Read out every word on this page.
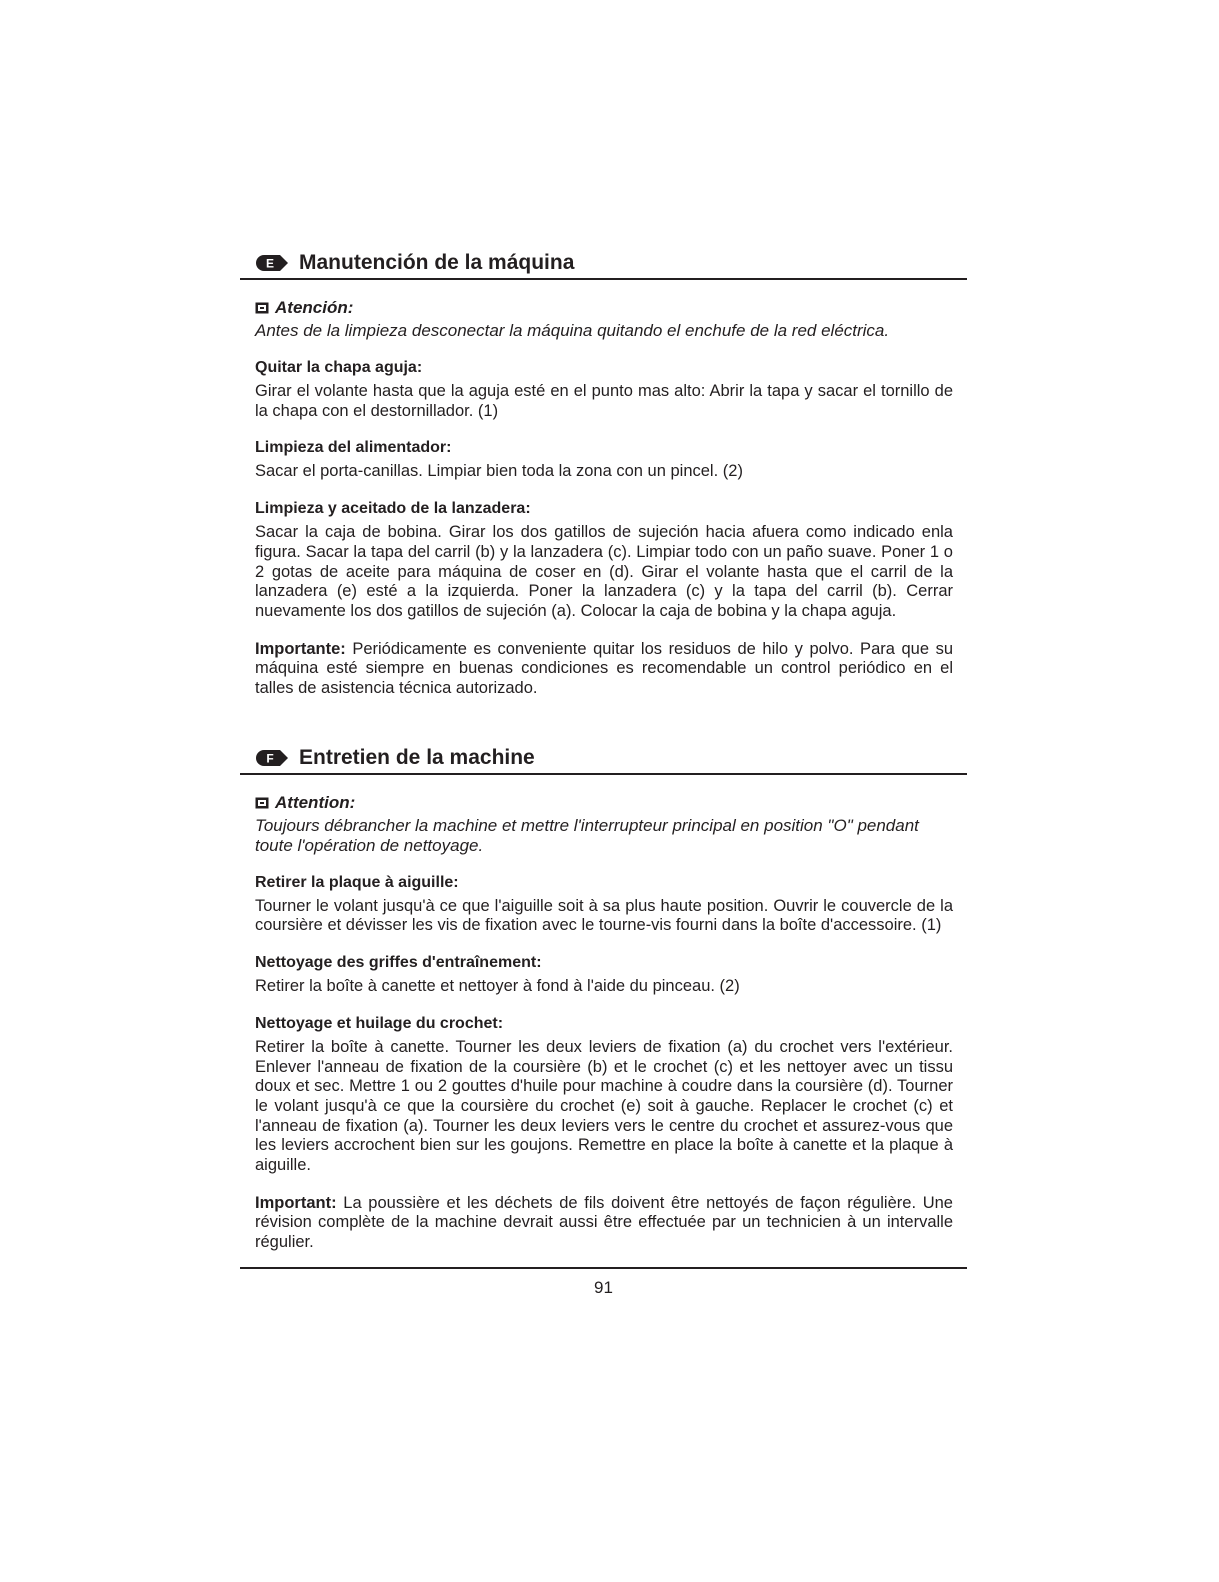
E Manutención de la máquina
Atención:
Antes de la limpieza desconectar la máquina quitando el enchufe de la red eléctrica.
Quitar la chapa aguja:

Girar el volante hasta que la aguja esté en el punto mas alto: Abrir la tapa y sacar el tornillo de la chapa con el destornillador. (1)

Limpieza del alimentador:

Sacar el porta-canillas. Limpiar bien toda la zona con un pincel. (2)

Limpieza y aceitado de la lanzadera:

Sacar la caja de bobina. Girar los dos gatillos de sujeción hacia afuera como indicado enla figura. Sacar la tapa del carril (b) y la lanzadera (c). Limpiar todo con un paño suave. Poner 1 o 2 gotas de aceite para máquina de coser en (d). Girar el volante hasta que el carril de la lanzadera (e) esté a la izquierda. Poner la lanzadera (c) y la tapa del carril (b). Cerrar nuevamente los dos gatillos de sujeción (a). Colocar la caja de bobina y la chapa aguja.

Importante: Periódicamente es conveniente quitar los residuos de hilo y polvo. Para que su máquina esté siempre en buenas condiciones es recomendable un control periódico en el talles de asistencia técnica autorizado.

F Entretien de la machine
Attention:
Toujours débrancher la machine et mettre l'interrupteur principal en position "O" pendant toute l'opération de nettoyage.
Retirer la plaque à aiguille:

Tourner le volant jusqu'à ce que l'aiguille soit à sa plus haute position. Ouvrir le couvercle de la coursière et dévisser les vis de fixation avec le tourne-vis fourni dans la boîte d'accessoire. (1)

Nettoyage des griffes d'entraînement:

Retirer la boîte à canette et nettoyer à fond à l'aide du pinceau. (2)

Nettoyage et huilage du crochet:

Retirer la boîte à canette. Tourner les deux leviers de fixation (a) du crochet vers l'extérieur. Enlever l'anneau de fixation de la coursière (b) et le crochet (c) et les nettoyer avec un tissu doux et sec. Mettre 1 ou 2 gouttes d'huile pour machine à coudre dans la coursière (d). Tourner le volant jusqu'à ce que la coursière du crochet (e) soit à gauche. Replacer le crochet (c) et l'anneau de fixation (a). Tourner les deux leviers vers le centre du crochet et assurez-vous que les leviers accrochent bien sur les goujons. Remettre en place la boîte à canette et la plaque à aiguille.

Important: La poussière et les déchets de fils doivent être nettoyés de façon régulière. Une révision complète de la machine devrait aussi être effectuée par un technicien à un intervalle régulier.

91
